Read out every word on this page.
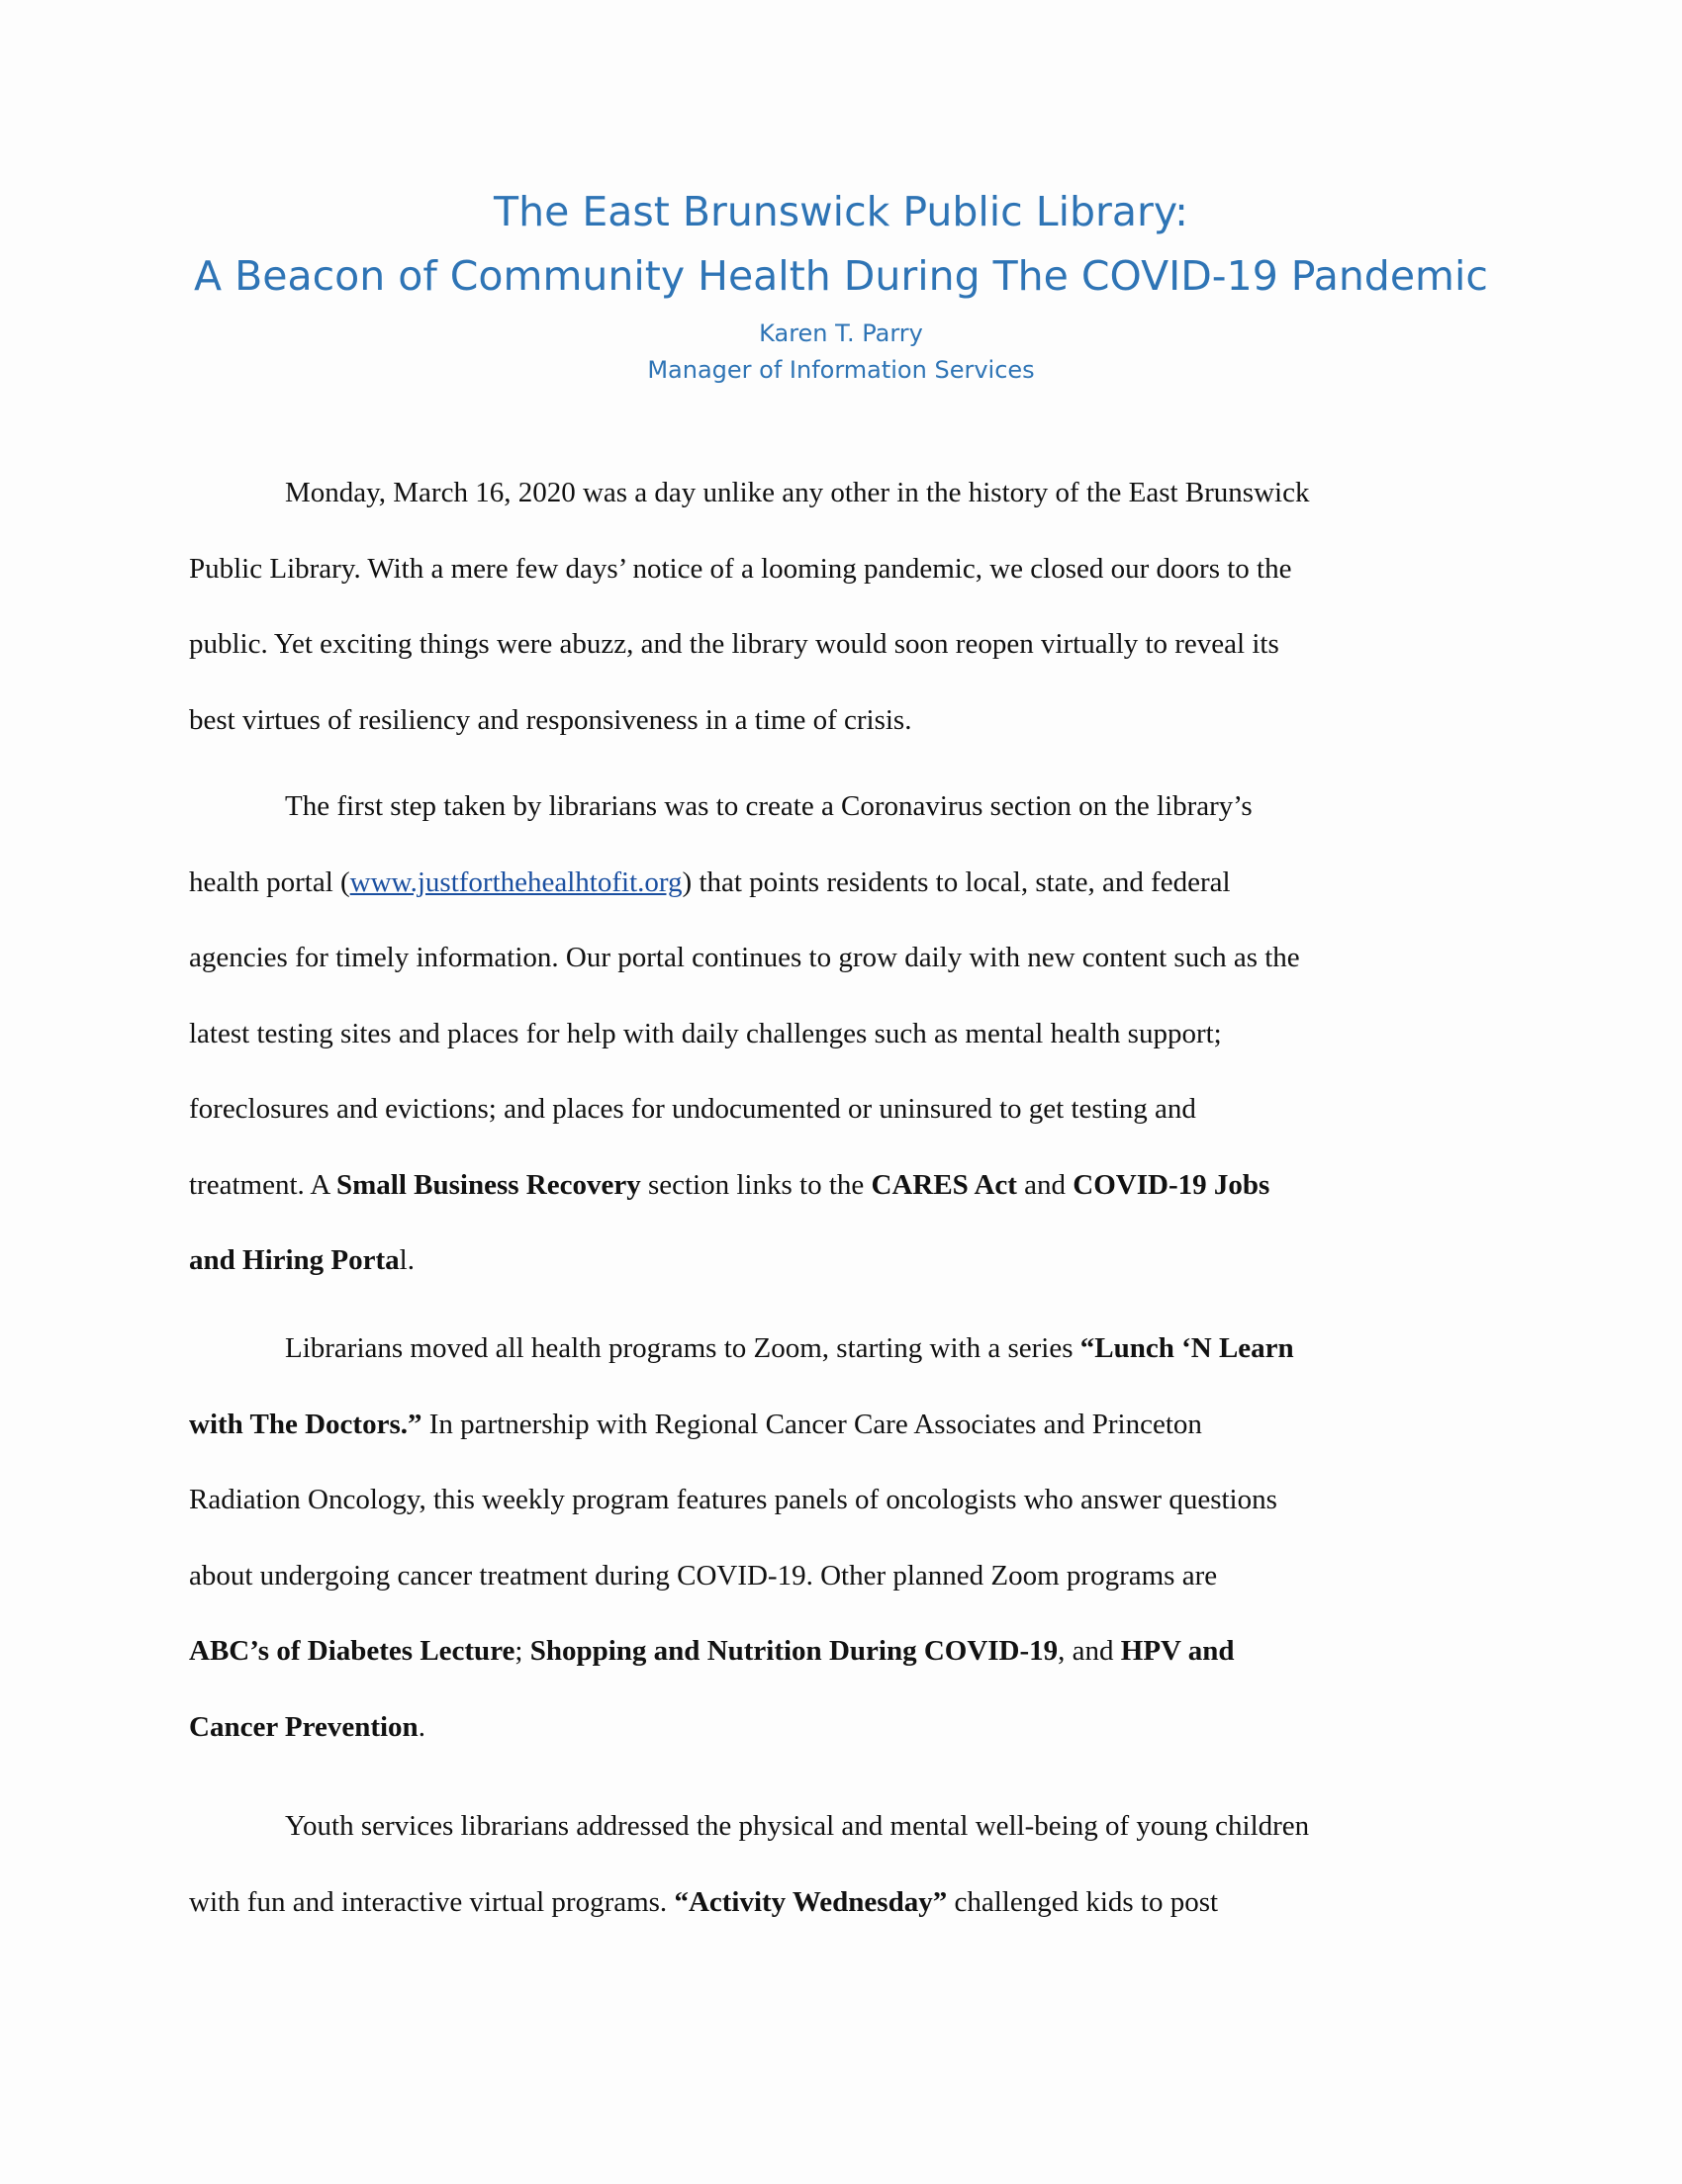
The East Brunswick Public Library:
A Beacon of Community Health During The COVID-19 Pandemic
Karen T. Parry
Manager of Information Services
Monday, March 16, 2020 was a day unlike any other in the history of the East Brunswick
Public Library. With a mere few days’ notice of a looming pandemic, we closed our doors to the
public. Yet exciting things were abuzz, and the library would soon reopen virtually to reveal its
best virtues of resiliency and responsiveness in a time of crisis.
The first step taken by librarians was to create a Coronavirus section on the library’s
health portal (www.justforthehealhtofit.org) that points residents to local, state, and federal
agencies for timely information. Our portal continues to grow daily with new content such as the
latest testing sites and places for help with daily challenges such as mental health support;
foreclosures and evictions; and places for undocumented or uninsured to get testing and
treatment. A Small Business Recovery section links to the CARES Act and COVID-19 Jobs
and Hiring Portal.
Librarians moved all health programs to Zoom, starting with a series “Lunch ‘N Learn
with The Doctors.” In partnership with Regional Cancer Care Associates and Princeton
Radiation Oncology, this weekly program features panels of oncologists who answer questions
about undergoing cancer treatment during COVID-19. Other planned Zoom programs are
ABC’s of Diabetes Lecture; Shopping and Nutrition During COVID-19, and HPV and
Cancer Prevention.
Youth services librarians addressed the physical and mental well-being of young children
with fun and interactive virtual programs. “Activity Wednesday” challenged kids to post
